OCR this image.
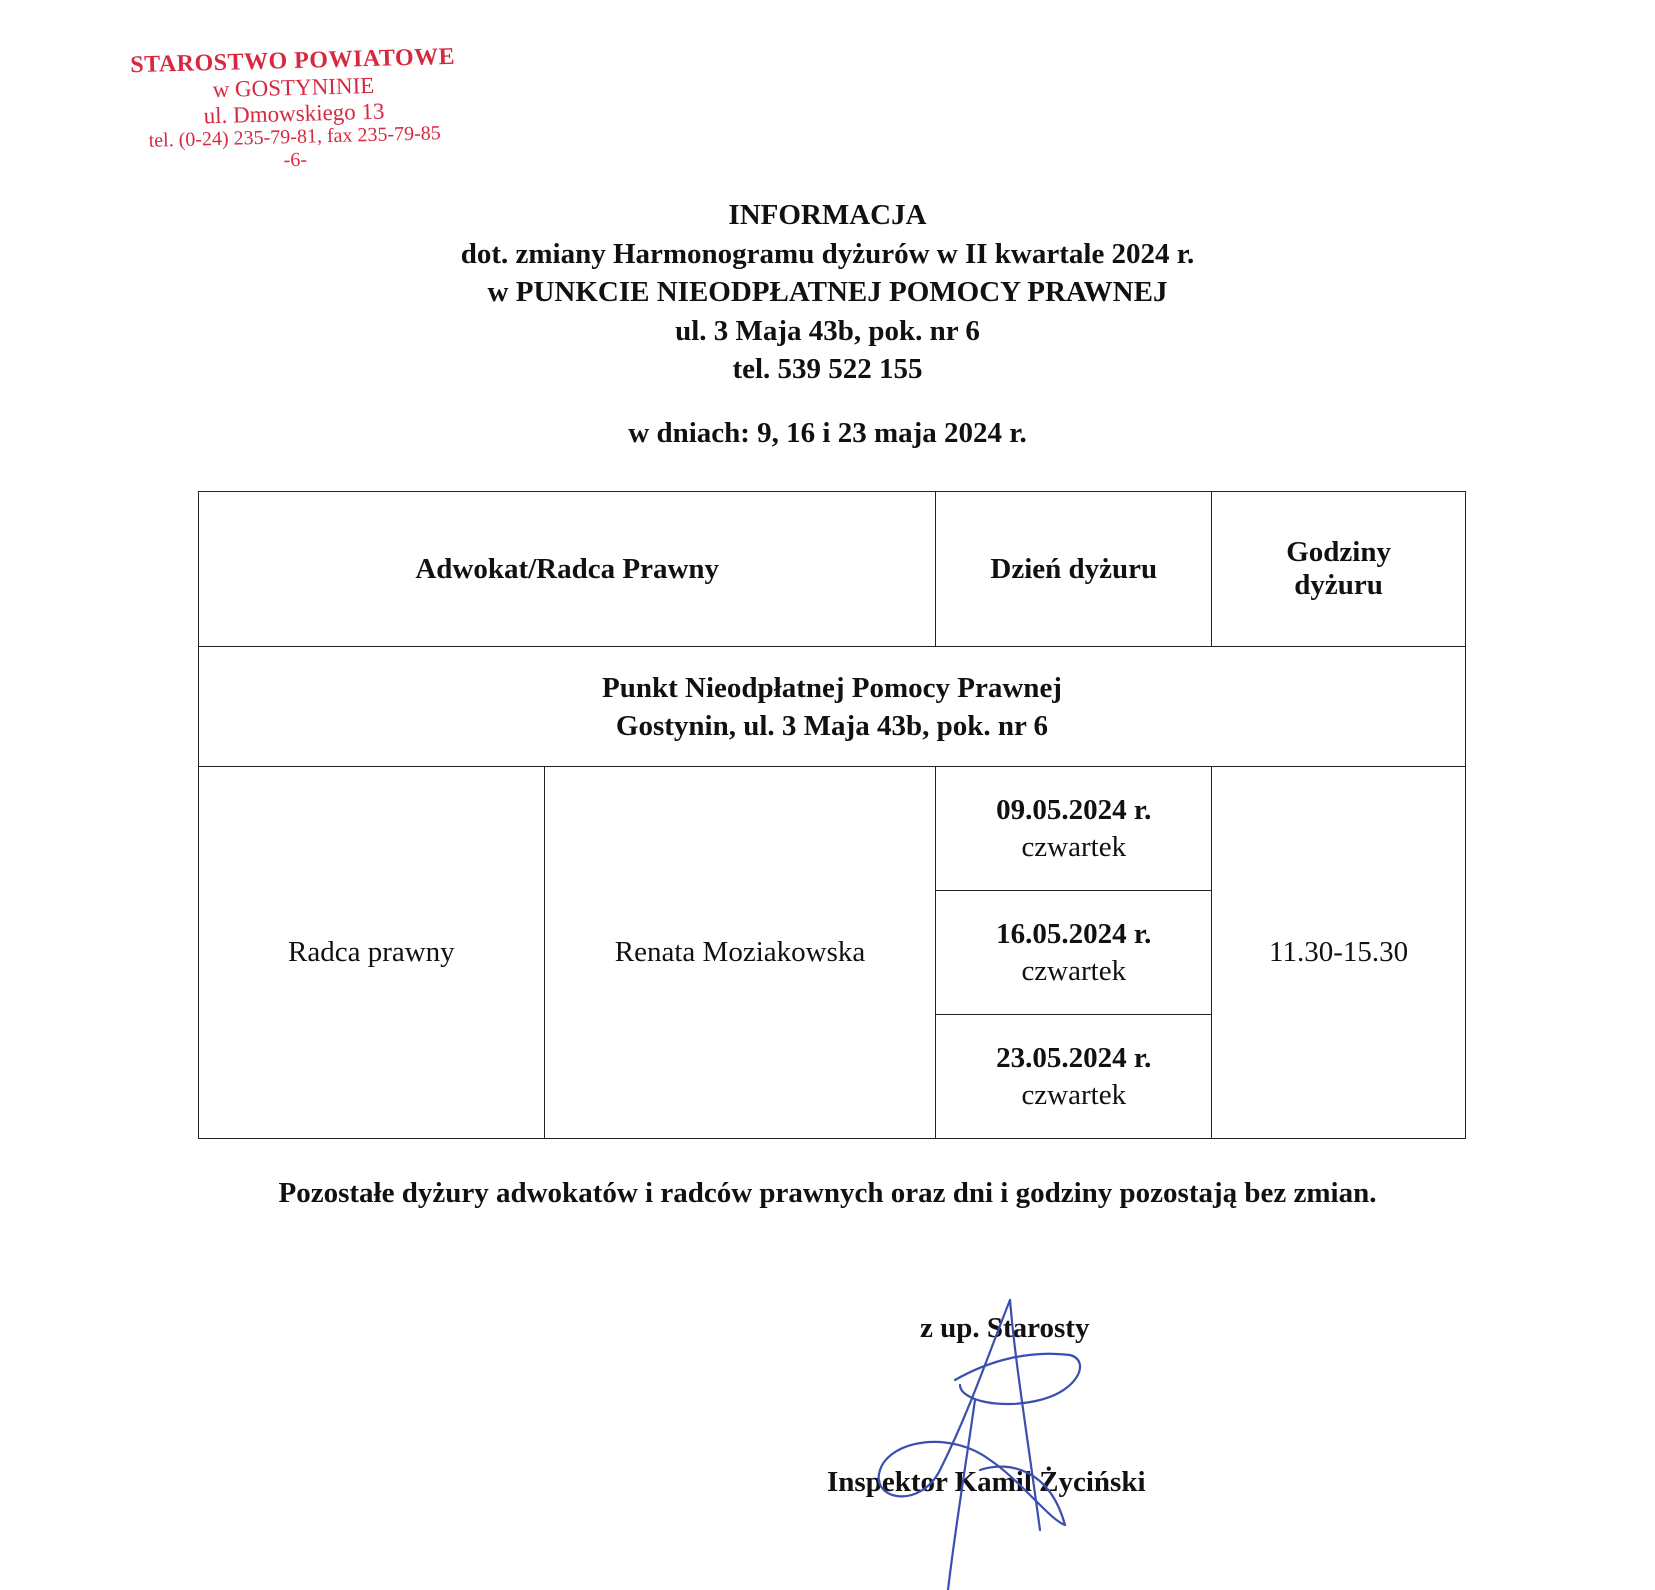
STAROSTWO POWIATOWE
w GOSTYNINIE
ul. Dmowskiego 13
tel. (0-24) 235-79-81, fax 235-79-85
-6-
INFORMACJA
dot. zmiany Harmonogramu dyżurów w II kwartale 2024 r.
w PUNKCIE NIEODPŁATNEJ POMOCY PRAWNEJ
ul. 3 Maja 43b, pok. nr 6
tel. 539 522 155
w dniach: 9, 16 i 23 maja 2024 r.
Adwokat/Radca Prawny		Dzień dyżuru	Godziny
dyżuru

Punkt Nieodpłatnej Pomocy Prawnej
Gostynin, ul. 3 Maja 43b, pok. nr 6			

Radca prawny	Renata Moziakowska	09.05.2024 r.
czwartek	11.30-15.30

		16.05.2024 r.
czwartek	

		23.05.2024 r.
czwartek	
Pozostałe dyżury adwokatów i radców prawnych oraz dni i godziny pozostają bez zmian.
z up. Starosty
Inspektor Kamil Życiński
